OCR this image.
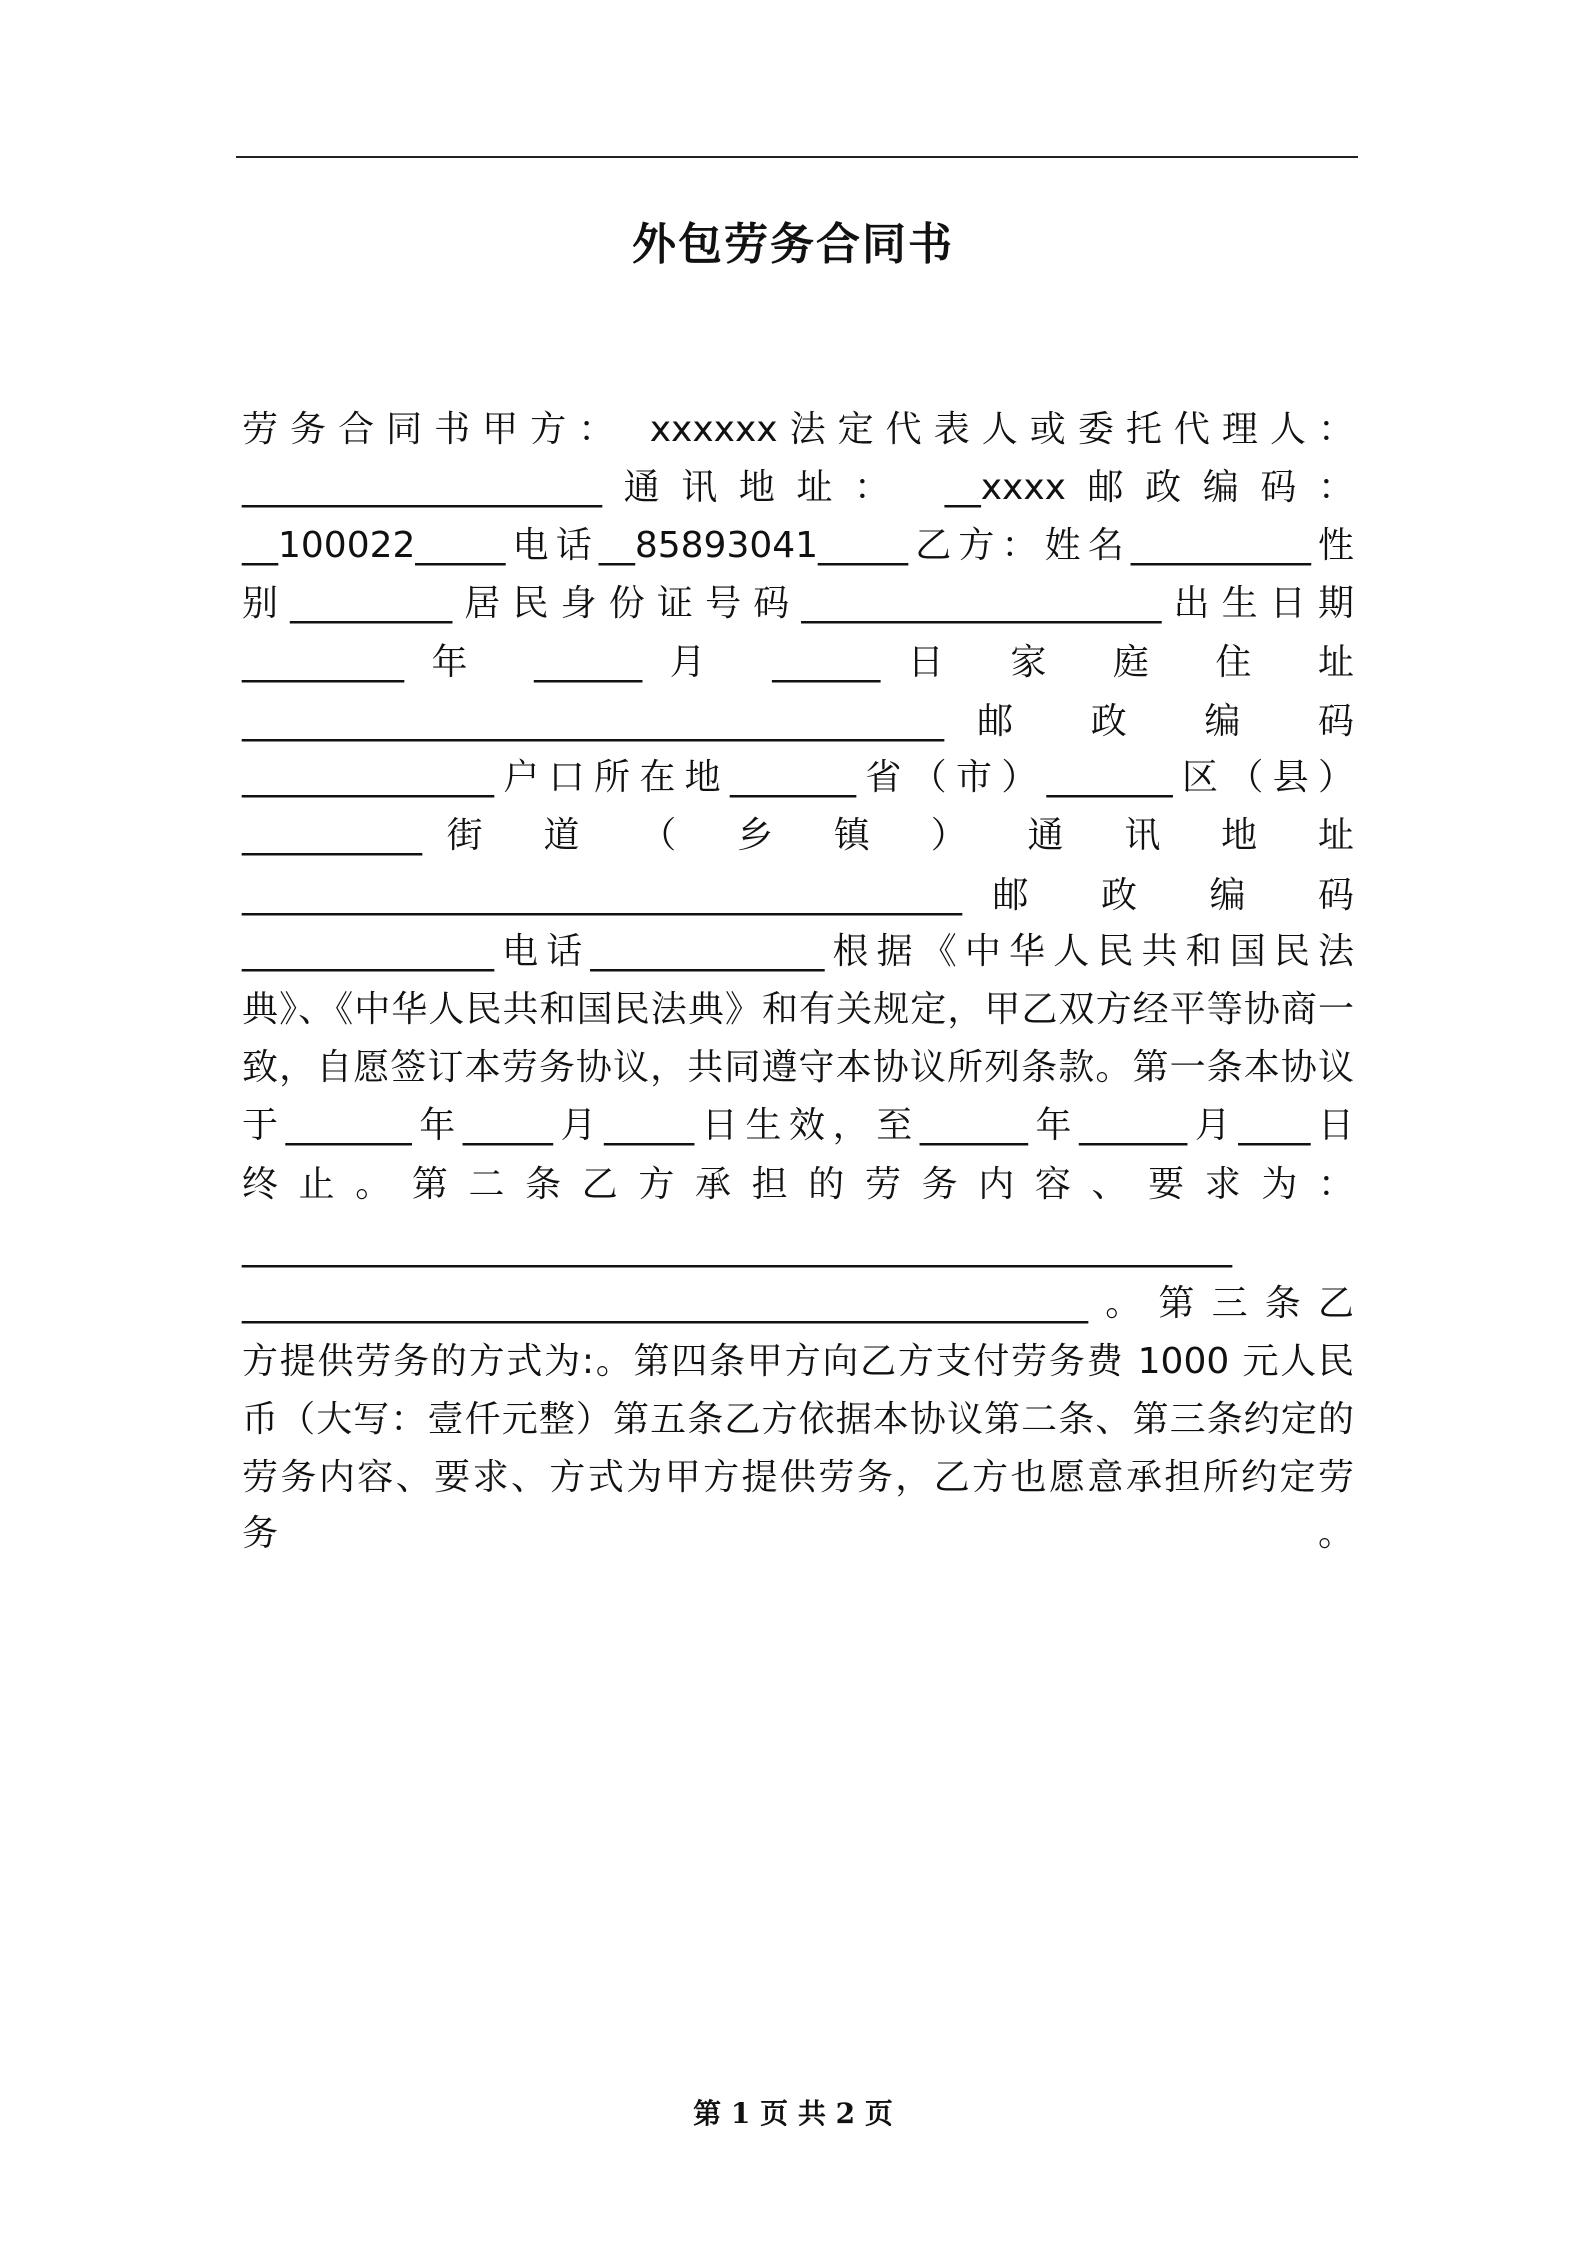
外包劳务合同书
劳务合同书甲方： xxxxxx法定代表人或委托代理人：
____________________通讯地址： __xxxx邮政编码：
__100022_____电话__85893041_____乙方：姓名__________性
别_________居民身份证号码____________________出生日期
_________年 ______月 ______日 家 庭 住 址
_______________________________________邮 政 编 码
______________户口所在地_______省（市）_______区（县）
__________街 道 （ 乡 镇 ） 通 讯 地 址
________________________________________邮 政 编 码
______________电话_____________根据《中华人民共和国民法
典》、《中华人民共和国民法典》和有关规定，甲乙双方经平等协商一
致，自愿签订本劳务协议，共同遵守本协议所列条款。第一条本协议
于_______年_____月_____日生效，至______年______月____日
终止。第二条乙方承担的劳务内容、要求为：
_______________________________________________________
_______________________________________________。第三条乙
方提供劳务的方式为:。第四条甲方向乙方支付劳务费 1000 元人民
币（大写：壹仟元整）第五条乙方依据本协议第二条、第三条约定的
劳务内容、要求、方式为甲方提供劳务，乙方也愿意承担所约定劳务。
第 1 页 共 2 页
